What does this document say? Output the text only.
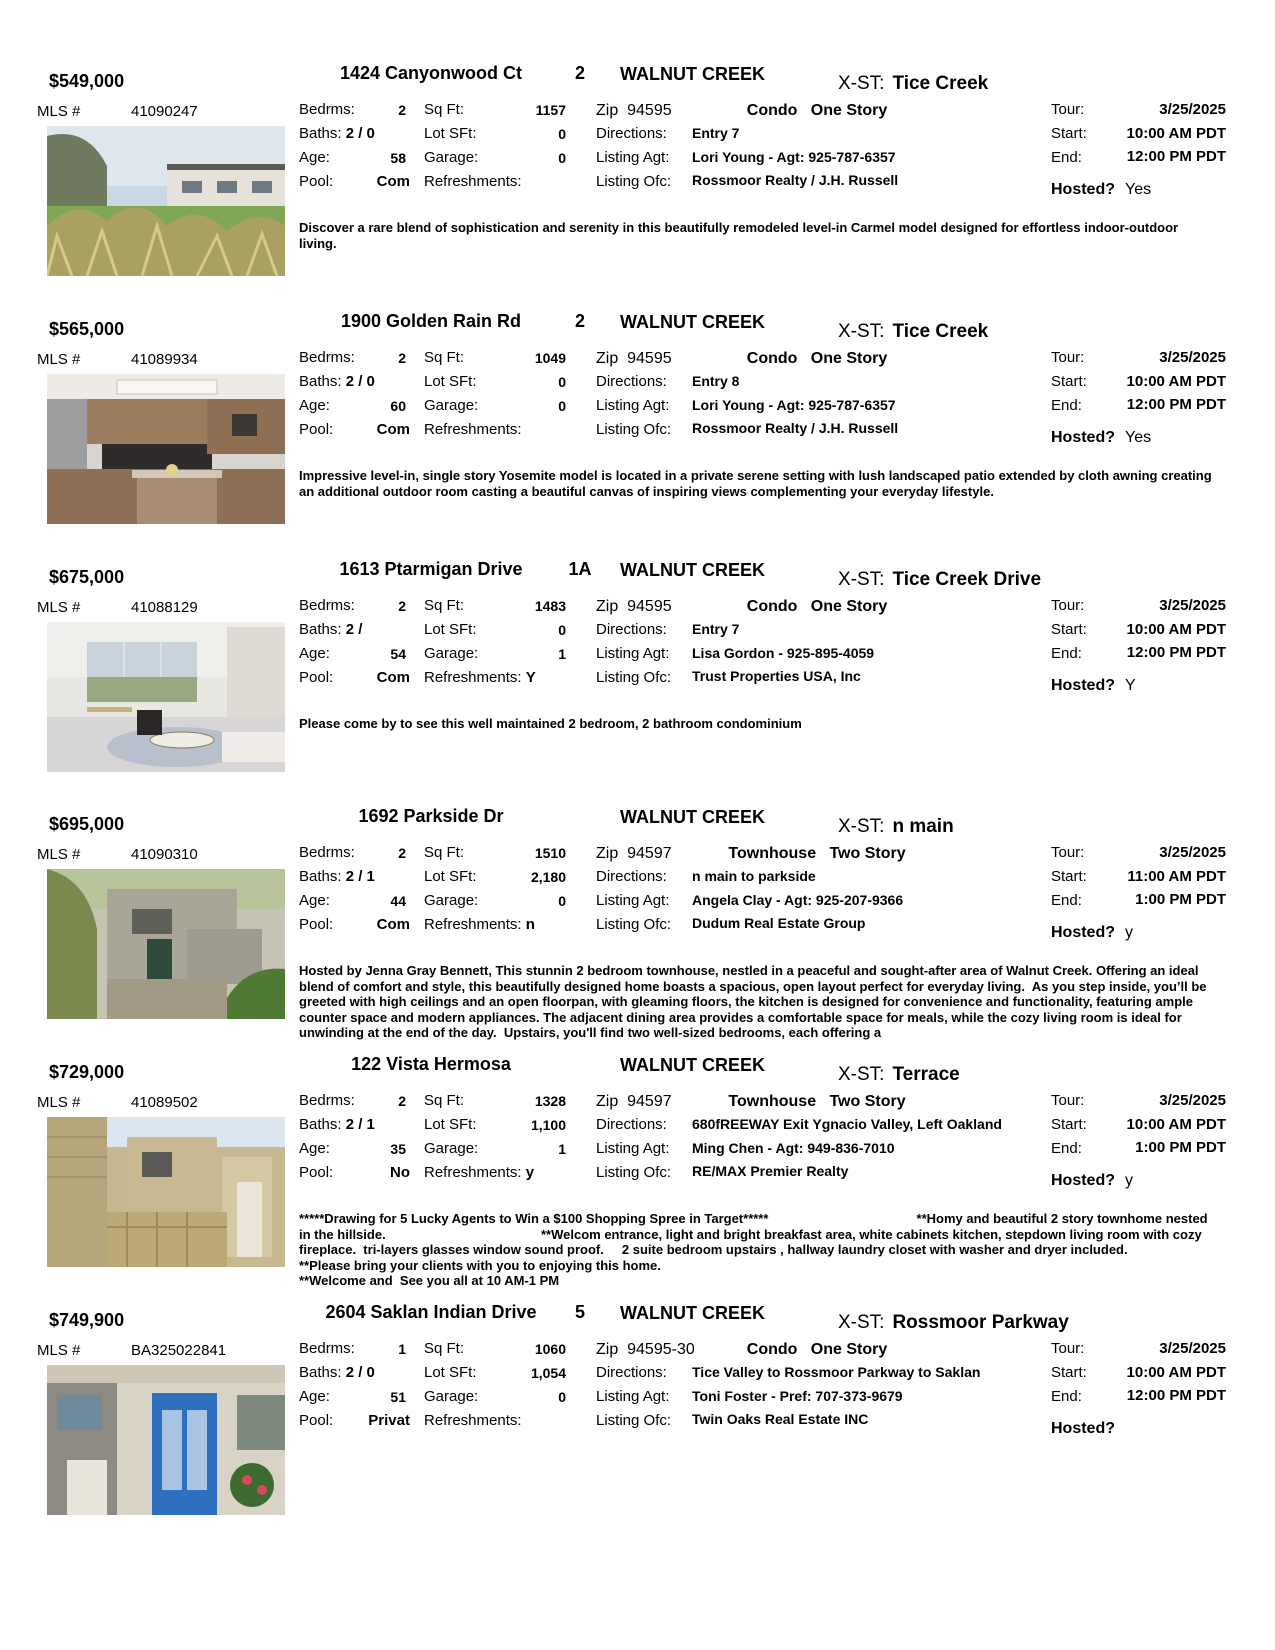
$549,000	1424 Canyonwood Ct	2	WALNUT CREEK	X-ST: Tice Creek
MLS #	41090247	Bedrms:	2 Sq Ft:	1157 Zip 94595	Condo One Story	Tour:	3/25/2025
Baths: 2 / 0	Lot SFt:	0 Directions: Entry 7	Start:	10:00 AM PDT
Age:	58 Garage:	0 Listing Agt: Lori Young - Agt: 925-787-6357	End:	12:00 PM PDT
Pool:	Com Refreshments:	Listing Ofc: Rossmoor Realty / J.H. Russell
Hosted? Yes

Discover a rare blend of sophistication and serenity in this beautifully remodeled level-in Carmel model designed for effortless indoor-outdoor living.

$565,000	1900 Golden Rain Rd	2	WALNUT CREEK	X-ST: Tice Creek
MLS #	41089934	Bedrms:	2 Sq Ft:	1049 Zip 94595	Condo One Story	Tour:	3/25/2025
Baths: 2 / 0	Lot SFt:	0 Directions: Entry 8	Start:	10:00 AM PDT
Age:	60 Garage:	0 Listing Agt: Lori Young - Agt: 925-787-6357	End:	12:00 PM PDT
Pool:	Com Refreshments:	Listing Ofc: Rossmoor Realty / J.H. Russell
Hosted? Yes

Impressive level-in, single story Yosemite model is located in a private serene setting with lush landscaped patio extended by cloth awning creating an additional outdoor room casting a beautiful canvas of inspiring views complementing your everyday lifestyle.

$675,000	1613 Ptarmigan Drive	1A	WALNUT CREEK	X-ST: Tice Creek Drive
MLS #	41088129	Bedrms:	2 Sq Ft:	1483 Zip 94595	Condo One Story	Tour:	3/25/2025
Baths: 2 /	Lot SFt:	0 Directions: Entry 7	Start:	10:00 AM PDT
Age:	54 Garage:	1 Listing Agt: Lisa Gordon - 925-895-4059	End:	12:00 PM PDT
Pool:	Com Refreshments: Y	Listing Ofc: Trust Properties USA, Inc
Hosted? Y

Please come by to see this well maintained 2 bedroom, 2 bathroom condominium

$695,000	1692 Parkside Dr	WALNUT CREEK	X-ST: n main
MLS #	41090310	Bedrms:	2 Sq Ft:	1510 Zip 94597	Townhouse Two Story	Tour:	3/25/2025
Baths: 2 / 1	Lot SFt:	2,180 Directions: n main to parkside	Start:	11:00 AM PDT
Age:	44 Garage:	0 Listing Agt: Angela Clay - Agt: 925-207-9366	End:	1:00 PM PDT
Pool:	Com Refreshments: n	Listing Ofc: Dudum Real Estate Group
Hosted? y

Hosted by Jenna Gray Bennett, This stunnin 2 bedroom townhouse, nestled in a peaceful and sought-after area of Walnut Creek. Offering an ideal blend of comfort and style, this beautifully designed home boasts a spacious, open layout perfect for everyday living.  As you step inside, you’ll be greeted with high ceilings and an open floorpan, with gleaming floors, the kitchen is designed for convenience and functionality, featuring ample counter space and modern appliances. The adjacent dining area provides a comfortable space for meals, while the cozy living room is ideal for unwinding at the end of the day.  Upstairs, you'll find two well-sized bedrooms, each offering a

$729,000	122 Vista Hermosa	WALNUT CREEK	X-ST: Terrace
MLS #	41089502	Bedrms:	2 Sq Ft:	1328 Zip 94597	Townhouse Two Story	Tour:	3/25/2025
Baths: 2 / 1	Lot SFt:	1,100 Directions: 680fREEWAY Exit Ygnacio Valley, Left Oakland	Start:	10:00 AM PDT
Age:	35 Garage:	1 Listing Agt: Ming Chen - Agt: 949-836-7010	End:	1:00 PM PDT
Pool:	No Refreshments: y	Listing Ofc: RE/MAX Premier Realty
Hosted? y

*****Drawing for 5 Lucky Agents to Win a $100 Shopping Spree in Target*****                                         **Homy and beautiful 2 story townhome nested in the hillside.                                           **Welcom entrance, light and bright breakfast area, white cabinets kitchen, stepdown living room with cozy fireplace.  tri-layers glasses window sound proof.     2 suite bedroom upstairs , hallway laundry closet with washer and dryer included.                         **Please bring your clients with you to enjoying this home.

**Welcome and  See you all at 10 AM-1 PM

$749,900	2604 Saklan Indian Drive	5	WALNUT CREEK	X-ST: Rossmoor Parkway
MLS #	BA325022841	Bedrms:	1 Sq Ft:	1060 Zip 94595-30	Condo One Story	Tour:	3/25/2025
Baths: 2 / 0	Lot SFt:	1,054 Directions: Tice Valley to Rossmoor Parkway to Saklan	Start:	10:00 AM PDT
Age:	51 Garage:	0 Listing Agt: Toni Foster - Pref: 707-373-9679	End:	12:00 PM PDT
Pool:	Privat Refreshments:	Listing Ofc: Twin Oaks Real Estate INC
Hosted?
